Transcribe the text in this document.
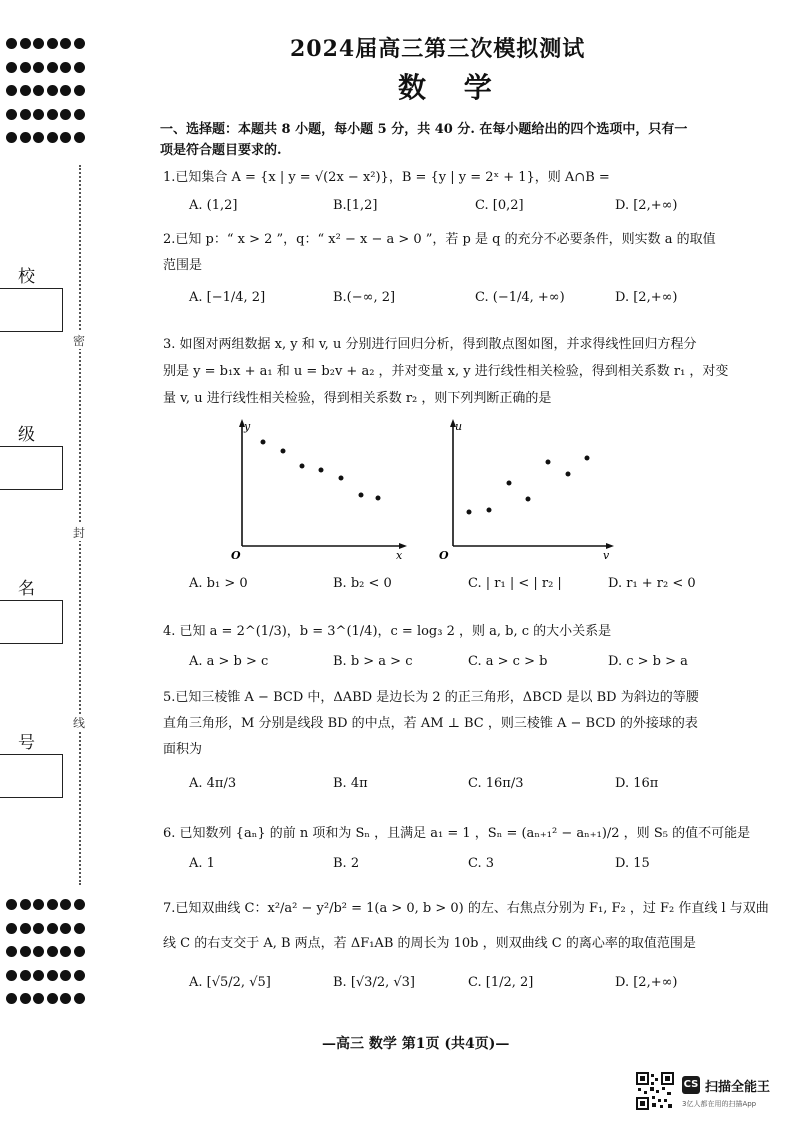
校
密
级
封
名
线
号
2024届高三第三次模拟测试
数 学
一、选择题：本题共 8 小题，每小题 5 分，共 40 分. 在每小题给出的四个选项中，只有一
项是符合题目要求的.
1.已知集合 A = {x | y = √(2x − x²)}，B = {y | y = 2ˣ + 1}，则 A∩B =
A. (1,2]	B.[1,2]	C. [0,2]	D. [2,+∞)
2.已知 p：“ x > 2 ”，q：“ x² − x − a > 0 ”，若 p 是 q 的充分不必要条件，则实数 a 的取值
范围是
A. [−1/4, 2]	B.(−∞, 2]	C. (−1/4, +∞)	D. [2,+∞)
3. 如图对两组数据 x, y 和 v, u 分别进行回归分析，得到散点图如图，并求得线性回归方程分
别是 y = b₁x + a₁ 和 u = b₂v + a₂ ，并对变量 x, y 进行线性相关检验，得到相关系数 r₁ ，对变
量 v, u 进行线性相关检验，得到相关系数 r₂ ，则下列判断正确的是
y
x
O
u
v
O
A. b₁ > 0	B. b₂ < 0	C. | r₁ | < | r₂ |	D. r₁ + r₂ < 0
4. 已知 a = 2^(1/3)，b = 3^(1/4)，c = log₃ 2 ，则 a, b, c 的大小关系是
A. a > b > c	B. b > a > c	C. a > c > b	D. c > b > a
5.已知三棱锥 A − BCD 中，ΔABD 是边长为 2 的正三角形，ΔBCD 是以 BD 为斜边的等腰
直角三角形，M 分别是线段 BD 的中点，若 AM ⊥ BC ，则三棱锥 A − BCD 的外接球的表
面积为
A. 4π/3	B. 4π	C. 16π/3	D. 16π
6. 已知数列 {aₙ} 的前 n 项和为 Sₙ ，且满足 a₁ = 1 ，Sₙ = (aₙ₊₁² − aₙ₊₁)/2 ，则 S₅ 的值不可能是
A. 1	B. 2	C. 3	D. 15
7.已知双曲线 C：x²/a² − y²/b² = 1(a > 0, b > 0) 的左、右焦点分别为 F₁, F₂ ，过 F₂ 作直线 l 与双曲
线 C 的右支交于 A, B 两点，若 ΔF₁AB 的周长为 10b ，则双曲线 C 的离心率的取值范围是
A. [√5/2, √5]	B. [√3/2, √3]	C. [1/2, 2]	D. [2,+∞)
—高三 数学 第1页 (共4页)—
CS 扫描全能王
3亿人都在用的扫描App
